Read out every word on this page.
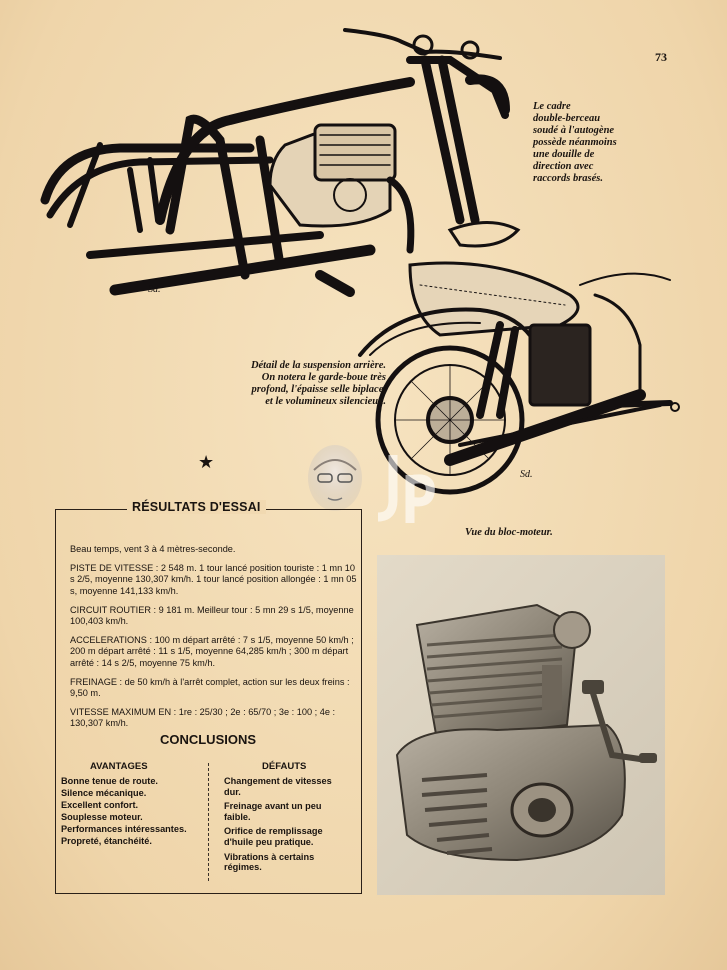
73
Sd.
Le cadre
double-berceau
soudé à l'autogène
possède néanmoins
une douille de
direction avec
raccords brasés.
Sd.
Détail de la suspension arrière.
On notera le garde-boue très
profond, l'épaisse selle biplace,
et le volumineux silencieux.
★
Vue du bloc-moteur.
RÉSULTATS D'ESSAI

Beau temps, vent 3 à 4 mètres-seconde.

PISTE DE VITESSE : 2 548 m. 1 tour lancé position touriste : 1 mn 10 s 2/5, moyenne 130,307 km/h. 1 tour lancé position allongée : 1 mn 05 s, moyenne 141,133 km/h.

CIRCUIT ROUTIER : 9 181 m. Meilleur tour : 5 mn 29 s 1/5, moyenne 100,403 km/h.

ACCELERATIONS : 100 m départ arrêté : 7 s 1/5, moyenne 50 km/h ; 200 m départ arrêté : 11 s 1/5, moyenne 64,285 km/h ; 300 m départ arrêté : 14 s 2/5, moyenne 75 km/h.

FREINAGE : de 50 km/h à l'arrêt complet, action sur les deux freins : 9,50 m.

VITESSE MAXIMUM EN : 1re : 25/30 ; 2e : 65/70 ; 3e : 100 ; 4e : 130,307 km/h.

CONCLUSIONS
AVANTAGES	DÉFAUTS
Bonne tenue de route.
Silence mécanique.
Excellent confort.
Souplesse moteur.
Performances intéressantes.
Propreté, étanchéité.
Changement de vitesses dur.
Freinage avant un peu faible.
Orifice de remplissage d'huile peu pratique.
Vibrations à certains régimes.
